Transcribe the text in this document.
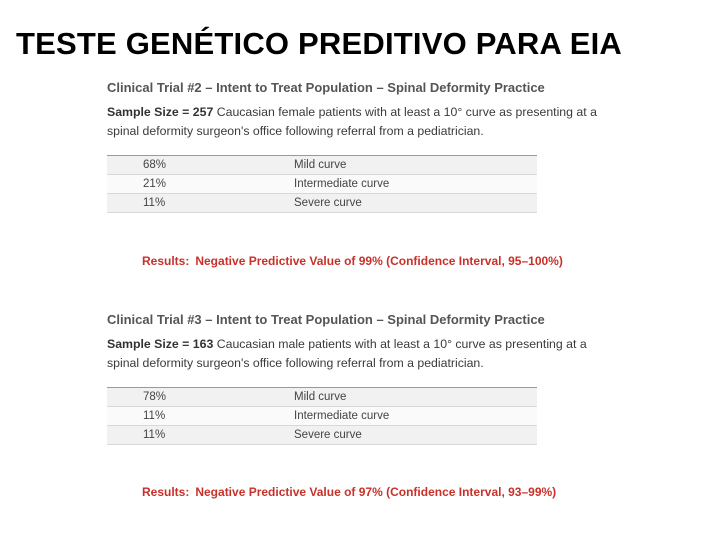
TESTE GENÉTICO PREDITIVO PARA EIA
Clinical Trial #2 – Intent to Treat Population – Spinal Deformity Practice
Sample Size = 257 Caucasian female patients with at least a 10° curve as presenting at a spinal deformity surgeon's office following referral from a pediatrician.
68%	Mild curve
21%	Intermediate curve
11%	Severe curve
Results: Negative Predictive Value of 99% (Confidence Interval, 95–100%)
Clinical Trial #3 – Intent to Treat Population – Spinal Deformity Practice
Sample Size = 163 Caucasian male patients with at least a 10° curve as presenting at a spinal deformity surgeon's office following referral from a pediatrician.
78%	Mild curve
11%	Intermediate curve
11%	Severe curve
Results: Negative Predictive Value of 97% (Confidence Interval, 93–99%)
